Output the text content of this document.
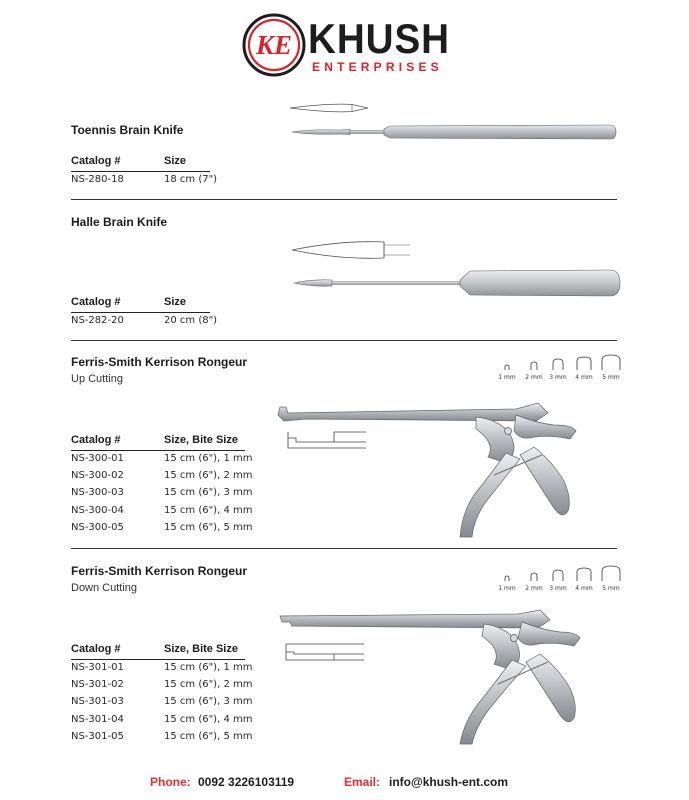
KE KHUSH
ENTERPRISES
Toennis Brain Knife
Catalog #	Size
NS-280-18	18 cm (7")
Halle Brain Knife
Catalog #	Size
NS-282-20	20 cm (8")
Ferris-Smith Kerrison Rongeur
Up Cutting	1 mm	2 mm	3 mm	4 mm	5 mm
Catalog #	Size, Bite Size
NS-300-01	15 cm (6"), 1 mm
NS-300-02	15 cm (6"), 2 mm
NS-300-03	15 cm (6"), 3 mm
NS-300-04	15 cm (6"), 4 mm
NS-300-05	15 cm (6"), 5 mm
Ferris-Smith Kerrison Rongeur
Down Cutting	1 mm	2 mm	3 mm	4 mm	5 mm
Catalog #	Size, Bite Size
NS-301-01	15 cm (6"), 1 mm
NS-301-02	15 cm (6"), 2 mm
NS-301-03	15 cm (6"), 3 mm
NS-301-04	15 cm (6"), 4 mm
NS-301-05	15 cm (6"), 5 mm
Phone: 0092 3226103119	Email: info@khush-ent.com
